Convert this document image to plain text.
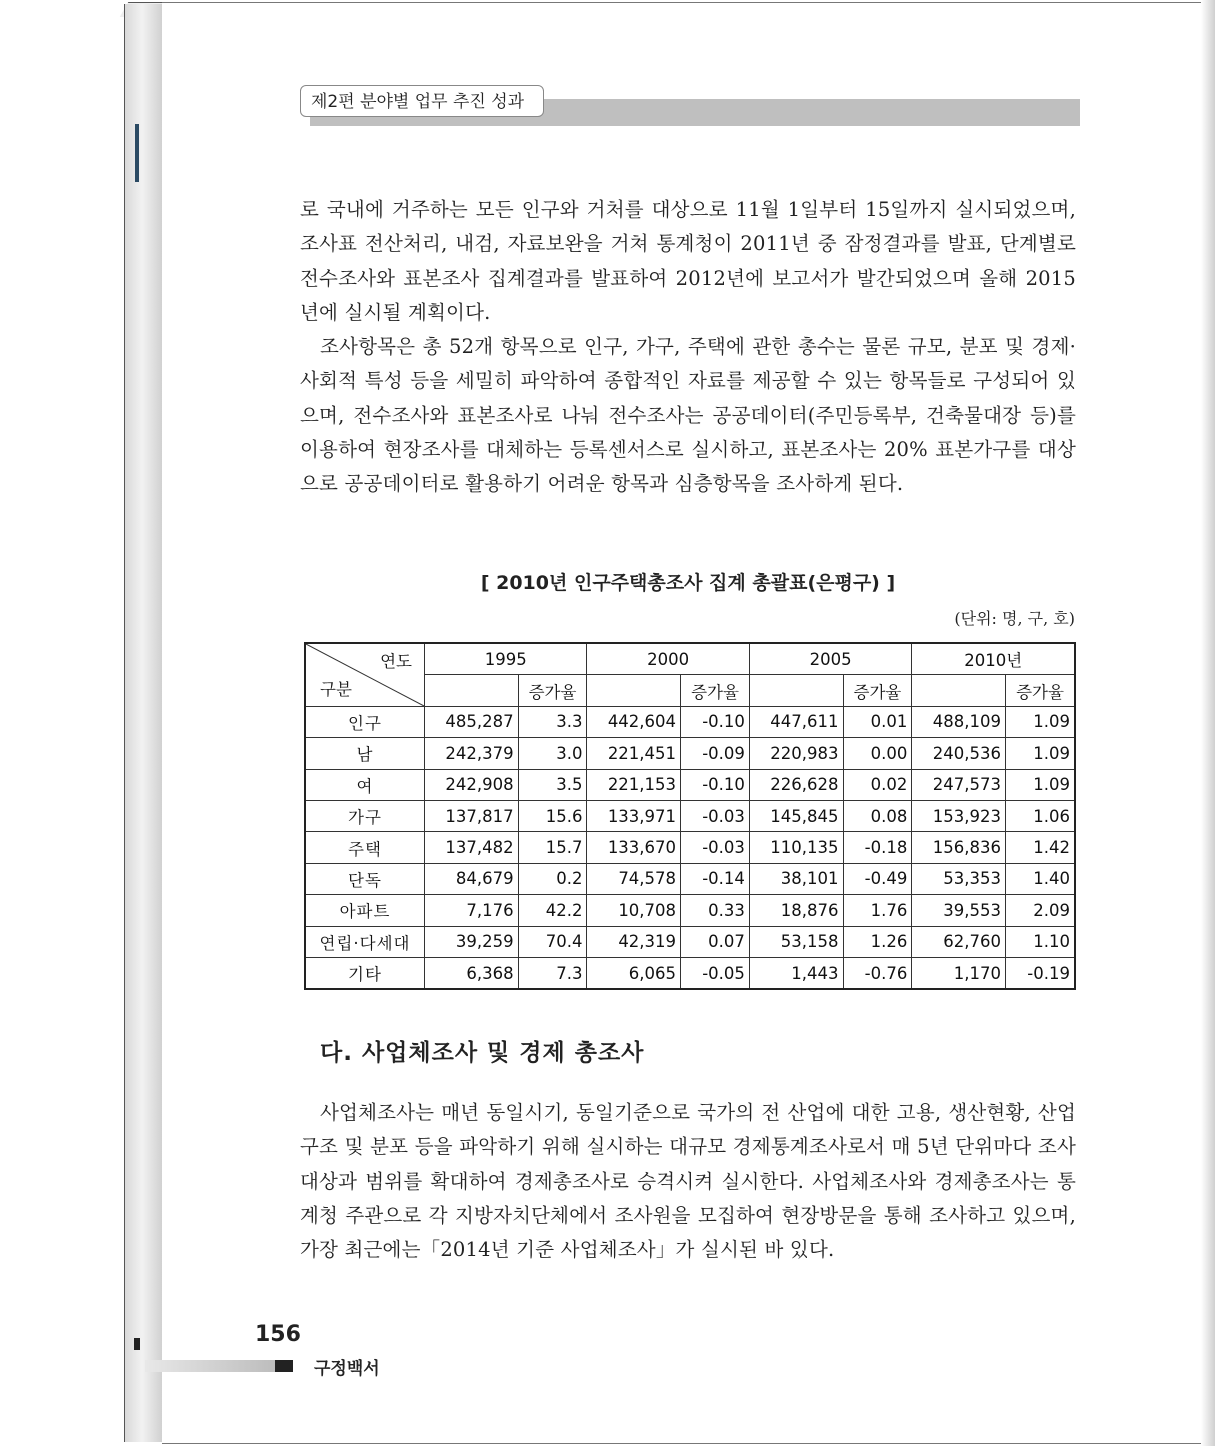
제2편 분야별 업무 추진 성과

로 국내에 거주하는 모든 인구와 거처를 대상으로 11월 1일부터 15일까지 실시되었으며, 조사표 전산처리, 내검, 자료보완을 거쳐 통계청이 2011년 중 잠정결과를 발표, 단계별로 전수조사와 표본조사 집계결과를 발표하여 2012년에 보고서가 발간되었으며 올해 2015년에 실시될 계획이다.

조사항목은 총 52개 항목으로 인구, 가구, 주택에 관한 총수는 물론 규모, 분포 및 경제·사회적 특성 등을 세밀히 파악하여 종합적인 자료를 제공할 수 있는 항목들로 구성되어 있으며, 전수조사와 표본조사로 나눠 전수조사는 공공데이터(주민등록부, 건축물대장 등)를 이용하여 현장조사를 대체하는 등록센서스로 실시하고, 표본조사는 20% 표본가구를 대상으로 공공데이터로 활용하기 어려운 항목과 심층항목을 조사하게 된다.

[ 2010년 인구주택총조사 집계 총괄표(은평구) ]
(단위: 명, 구, 호)
연도
구분	1995		2000		2005		2010년	
		증가율		증가율		증가율		증가율
인구	485,287	3.3	442,604	-0.10	447,611	0.01	488,109	1.09
남	242,379	3.0	221,451	-0.09	220,983	0.00	240,536	1.09
여	242,908	3.5	221,153	-0.10	226,628	0.02	247,573	1.09
가구	137,817	15.6	133,971	-0.03	145,845	0.08	153,923	1.06
주택	137,482	15.7	133,670	-0.03	110,135	-0.18	156,836	1.42
단독	84,679	0.2	74,578	-0.14	38,101	-0.49	53,353	1.40
아파트	7,176	42.2	10,708	0.33	18,876	1.76	39,553	2.09
연립·다세대	39,259	70.4	42,319	0.07	53,158	1.26	62,760	1.10
기타	6,368	7.3	6,065	-0.05	1,443	-0.76	1,170	-0.19
다. 사업체조사 및 경제 총조사

사업체조사는 매년 동일시기, 동일기준으로 국가의 전 산업에 대한 고용, 생산현황, 산업구조 및 분포 등을 파악하기 위해 실시하는 대규모 경제통계조사로서 매 5년 단위마다 조사대상과 범위를 확대하여 경제총조사로 승격시켜 실시한다. 사업체조사와 경제총조사는 통계청 주관으로 각 지방자치단체에서 조사원을 모집하여 현장방문을 통해 조사하고 있으며, 가장 최근에는「2014년 기준 사업체조사」가 실시된 바 있다.

156
구정백서
